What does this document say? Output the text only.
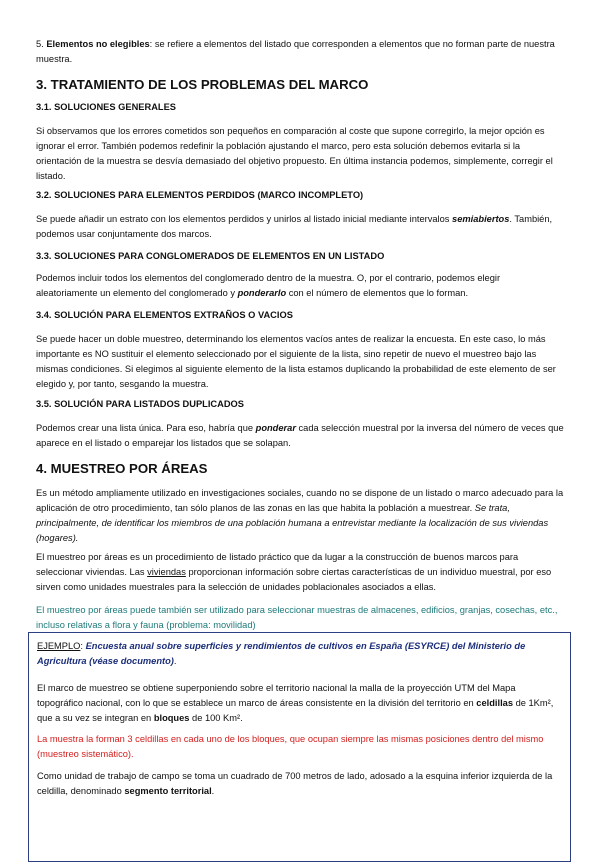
5. Elementos no elegibles: se refiere a elementos del listado que corresponden a elementos que no forman parte de nuestra muestra.

3. TRATAMIENTO DE LOS PROBLEMAS DEL MARCO
3.1. SOLUCIONES GENERALES

Si observamos que los errores cometidos son pequeños en comparación al coste que supone corregirlo, la mejor opción es ignorar el error. También podemos redefinir la población ajustando el marco, pero esta solución debemos evitarla si la orientación de la muestra se desvía demasiado del objetivo propuesto. En última instancia podemos, simplemente, corregir el listado.

3.2. SOLUCIONES PARA ELEMENTOS PERDIDOS (MARCO INCOMPLETO)

Se puede añadir un estrato con los elementos perdidos y unirlos al listado inicial mediante intervalos semiabiertos. También, podemos usar conjuntamente dos marcos.

3.3. SOLUCIONES PARA CONGLOMERADOS DE ELEMENTOS EN UN LISTADO

Podemos incluir todos los elementos del conglomerado dentro de la muestra. O, por el contrario, podemos elegir aleatoriamente un elemento del conglomerado y ponderarlo con el número de elementos que lo forman.

3.4. SOLUCIÓN PARA ELEMENTOS EXTRAÑOS O VACIOS

Se puede hacer un doble muestreo, determinando los elementos vacíos antes de realizar la encuesta. En este caso, lo más importante es NO sustituir el elemento seleccionado por el siguiente de la lista, sino repetir de nuevo el muestreo bajo las mismas condiciones. Si elegimos al siguiente elemento de la lista estamos duplicando la probabilidad de este elemento de ser elegido y, por tanto, sesgando la muestra.

3.5. SOLUCIÓN PARA LISTADOS DUPLICADOS

Podemos crear una lista única. Para eso, habría que ponderar cada selección muestral por la inversa del número de veces que aparece en el listado o emparejar los listados que se solapan.

4. MUESTREO POR ÁREAS

Es un método ampliamente utilizado en investigaciones sociales, cuando no se dispone de un listado o marco adecuado para la aplicación de otro procedimiento, tan sólo planos de las zonas en las que habita la población a muestrear. Se trata, principalmente, de identificar los miembros de una población humana a entrevistar mediante la localización de sus viviendas (hogares).

El muestreo por áreas es un procedimiento de listado práctico que da lugar a la construcción de buenos marcos para seleccionar viviendas. Las viviendas proporcionan información sobre ciertas características de un individuo muestral, por eso sirven como unidades muestrales para la selección de unidades poblacionales asociados a ellas.

El muestreo por áreas puede también ser utilizado para seleccionar muestras de almacenes, edificios, granjas, cosechas, etc., incluso relativas a flora y fauna (problema: movilidad)

EJEMPLO: Encuesta anual sobre superficies y rendimientos de cultivos en España (ESYRCE) del Ministerio de Agricultura (véase documento).

El marco de muestreo se obtiene superponiendo sobre el territorio nacional la malla de la proyección UTM del Mapa topográfico nacional, con lo que se establece un marco de áreas consistente en la división del territorio en celdillas de 1Km², que a su vez se integran en bloques de 100 Km².

La muestra la forman 3 celdillas en cada uno de los bloques, que ocupan siempre las mismas posiciones dentro del mismo (muestreo sistemático).

Como unidad de trabajo de campo se toma un cuadrado de 700 metros de lado, adosado a la esquina inferior izquierda de la celdilla, denominado segmento territorial.
